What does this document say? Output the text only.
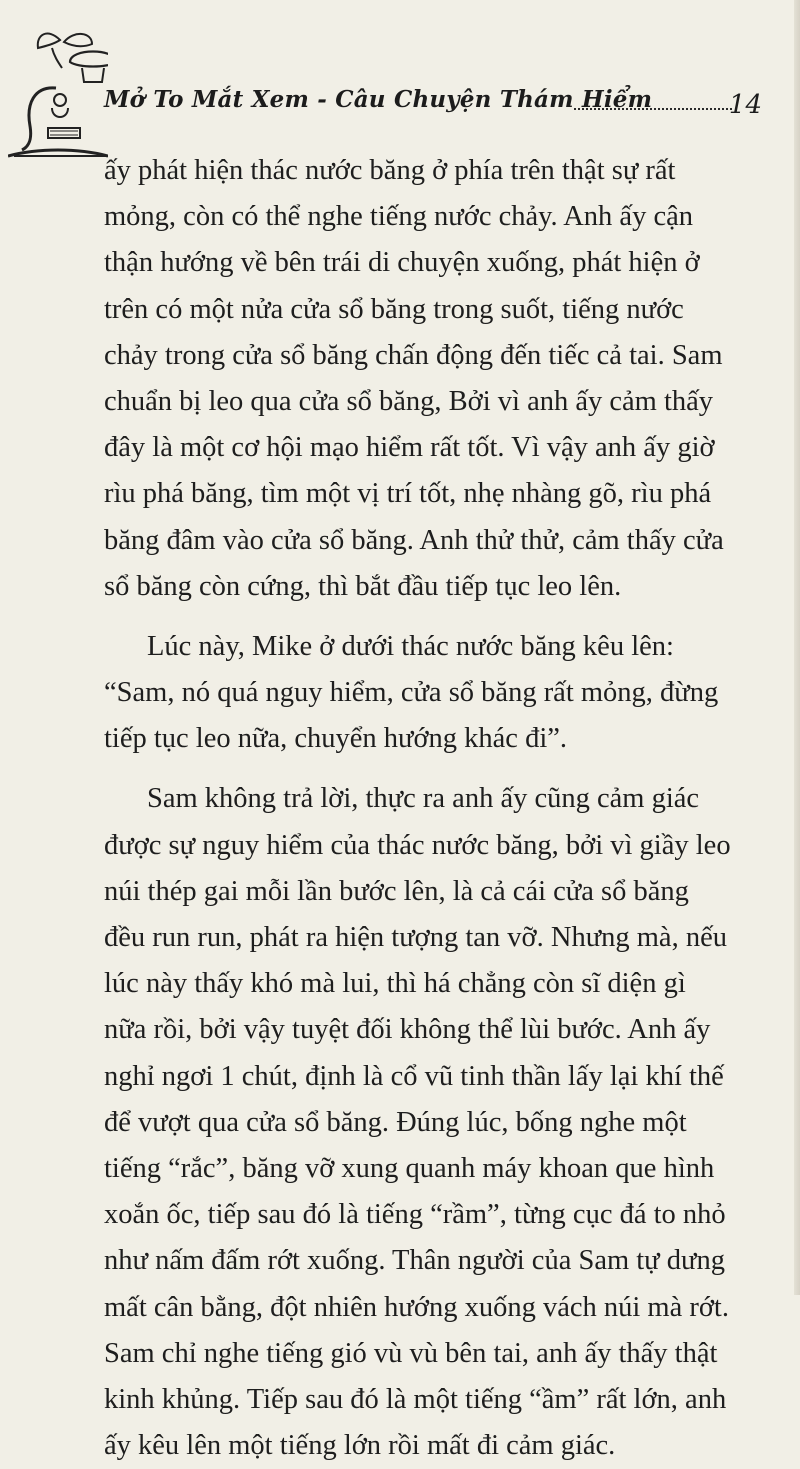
Mở To Mắt Xem - Câu Chuyện Thám Hiểm	14
ấy phát hiện thác nước băng ở phía trên thật sự rất
mỏng, còn có thể nghe tiếng nước chảy. Anh ấy cận
thận hướng về bên trái di chuyện xuống, phát hiện ở
trên có một nửa cửa sổ băng trong suốt, tiếng nước
chảy trong cửa sổ băng chấn động đến tiếc cả tai. Sam
chuẩn bị leo qua cửa sổ băng, Bởi vì anh ấy cảm thấy
đây là một cơ hội mạo hiểm rất tốt. Vì vậy anh ấy giờ
rìu phá băng, tìm một vị trí tốt, nhẹ nhàng gõ, rìu phá
băng đâm vào cửa sổ băng. Anh thử thử, cảm thấy cửa
sổ băng còn cứng, thì bắt đầu tiếp tục leo lên.
Lúc này, Mike ở dưới thác nước băng kêu lên:
“Sam, nó quá nguy hiểm, cửa sổ băng rất mỏng, đừng
tiếp tục leo nữa, chuyển hướng khác đi”.
Sam không trả lời, thực ra anh ấy cũng cảm giác
được sự nguy hiểm của thác nước băng, bởi vì giầy leo
núi thép gai mỗi lần bước lên, là cả cái cửa sổ băng
đều run run, phát ra hiện tượng tan vỡ. Nhưng mà, nếu
lúc này thấy khó mà lui, thì há chẳng còn sĩ diện gì
nữa rồi, bởi vậy tuyệt đối không thể lùi bước. Anh ấy
nghỉ ngơi 1 chút, định là cổ vũ tinh thần lấy lại khí thế
để vượt qua cửa sổ băng. Đúng lúc, bống nghe một
tiếng “rắc”, băng vỡ xung quanh máy khoan que hình
xoắn ốc, tiếp sau đó là tiếng “rầm”, từng cục đá to nhỏ
như nấm đấm rớt xuống. Thân người của Sam tự dưng
mất cân bằng, đột nhiên hướng xuống vách núi mà rớt.
Sam chỉ nghe tiếng gió vù vù bên tai, anh ấy thấy thật
kinh khủng. Tiếp sau đó là một tiếng “ầm” rất lớn, anh
ấy kêu lên một tiếng lớn rồi mất đi cảm giác.
